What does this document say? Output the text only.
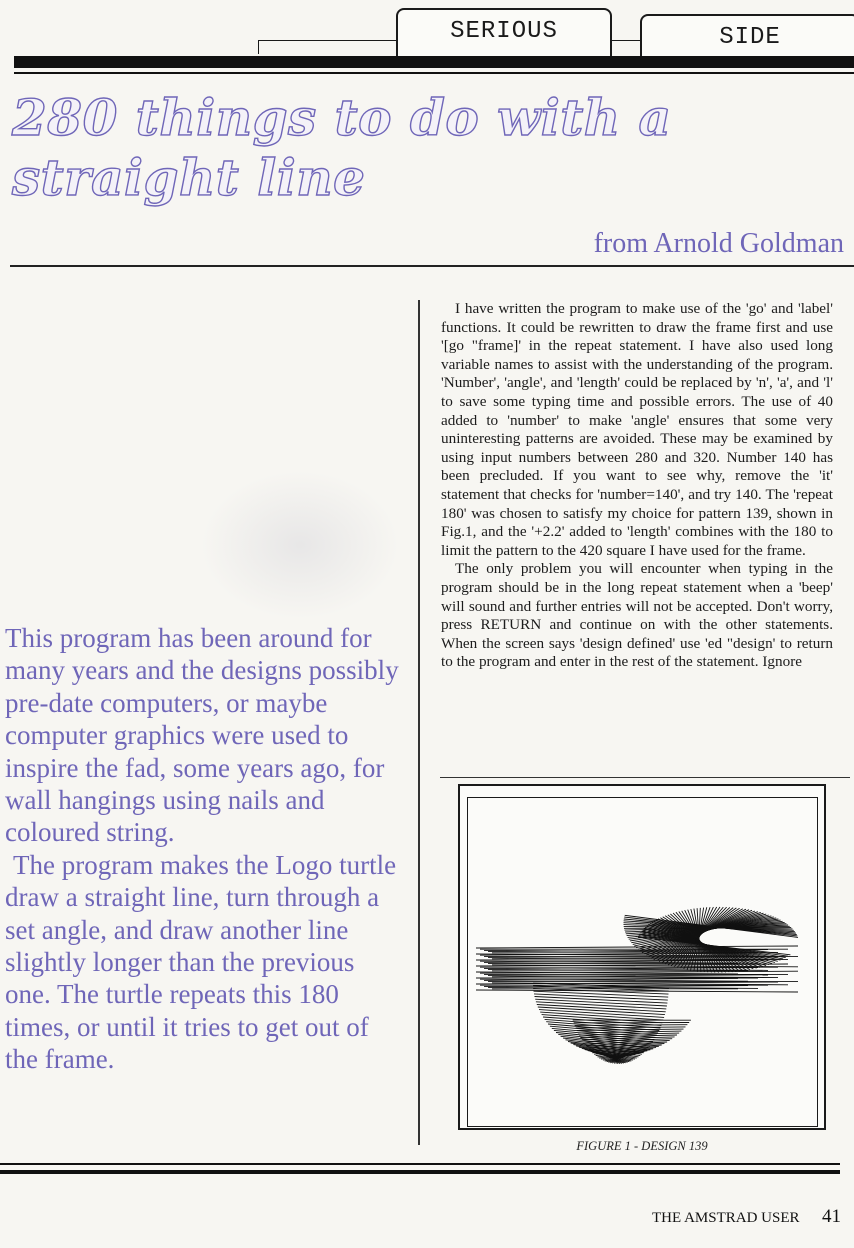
SERIOUS	SIDE
280 things to do with a
straight line
from Arnold Goldman

This program has been around for many years and the designs possibly pre-date computers, or maybe computer graphics were used to inspire the fad, some years ago, for wall hangings using nails and coloured string.

The program makes the Logo turtle draw a straight line, turn through a set angle, and draw another line slightly longer than the previous one. The turtle repeats this 180 times, or until it tries to get out of the frame.

I have written the program to make use of the 'go' and 'label' functions. It could be rewritten to draw the frame first and use '[go "frame]' in the repeat statement. I have also used long variable names to assist with the understanding of the program. 'Number', 'angle', and 'length' could be replaced by 'n', 'a', and 'l' to save some typing time and possible errors. The use of 40 added to 'number' to make 'angle' ensures that some very uninteresting patterns are avoided. These may be examined by using input numbers between 280 and 320. Number 140 has been precluded. If you want to see why, remove the 'it' statement that checks for 'number=140', and try 140. The 'repeat 180' was chosen to satisfy my choice for pattern 139, shown in Fig.1, and the '+2.2' added to 'length' combines with the 180 to limit the pattern to the 420 square I have used for the frame.

The only problem you will encounter when typing in the program should be in the long repeat statement when a 'beep' will sound and further entries will not be accepted. Don't worry, press RETURN and continue on with the other statements. When the screen says 'design defined' use 'ed "design' to return to the program and enter in the rest of the statement. Ignore

FIGURE 1 - DESIGN 139
THE AMSTRAD USER 41
